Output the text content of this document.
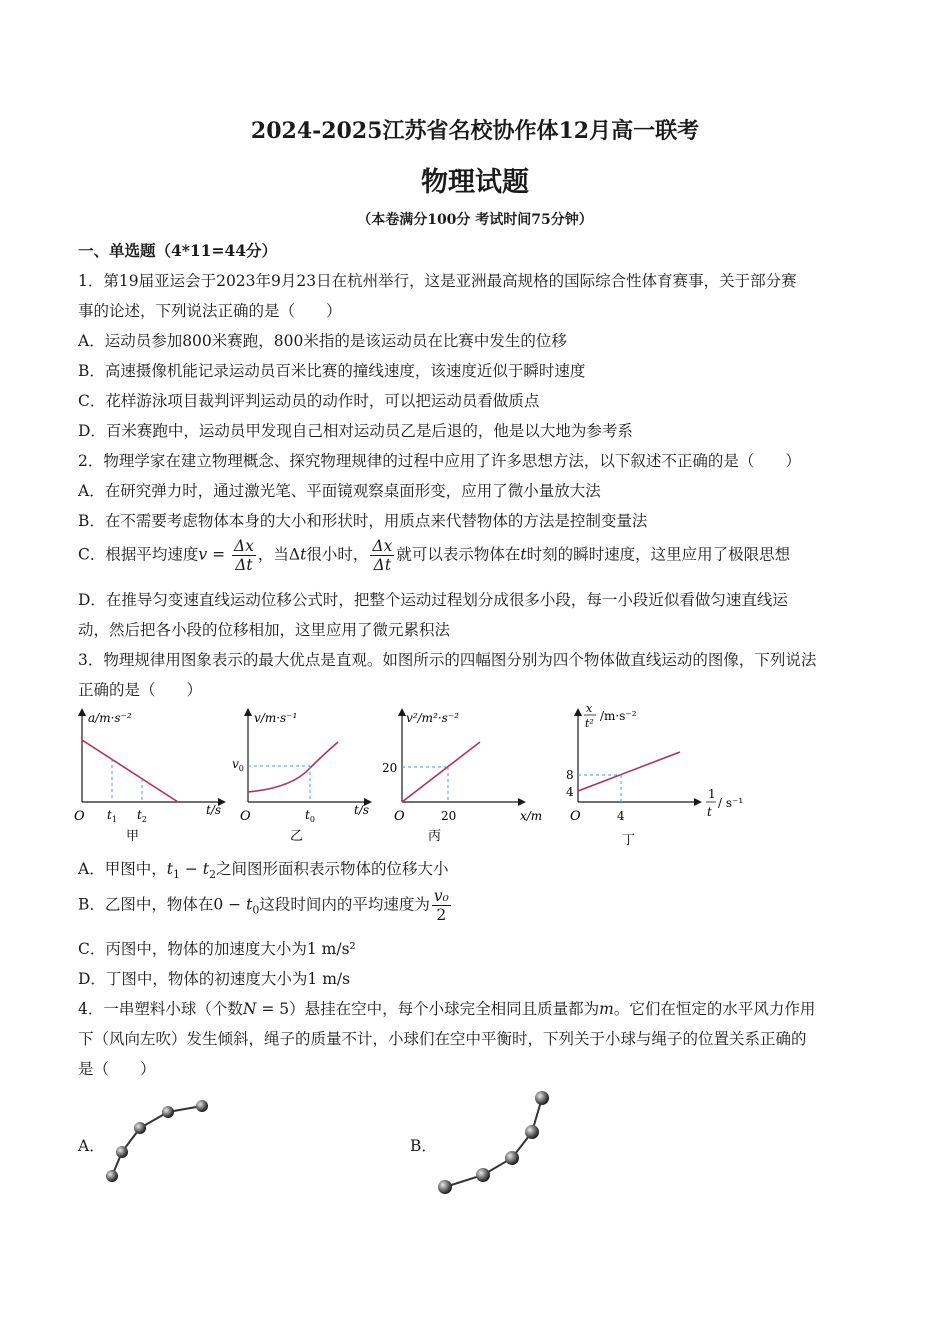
2024-2025江苏省名校协作体12月高一联考
物理试题
（本卷满分100分 考试时间75分钟）
一、单选题（4*11=44分）
1．第19届亚运会于2023年9月23日在杭州举行，这是亚洲最高规格的国际综合性体育赛事，关于部分赛
事的论述，下列说法正确的是（　　）
A．运动员参加800米赛跑，800米指的是该运动员在比赛中发生的位移
B．高速摄像机能记录运动员百米比赛的撞线速度，该速度近似于瞬时速度
C．花样游泳项目裁判评判运动员的动作时，可以把运动员看做质点
D．百米赛跑中，运动员甲发现自己相对运动员乙是后退的，他是以大地为参考系
2．物理学家在建立物理概念、探究物理规律的过程中应用了许多思想方法，以下叙述不正确的是（　　）
A．在研究弹力时，通过激光笔、平面镜观察桌面形变，应用了微小量放大法
B．在不需要考虑物体本身的大小和形状时，用质点来代替物体的方法是控制变量法
C．根据平均速度$v = \frac{\Delta x}{\Delta t}$ ，当Δt很小时， $\frac{\Delta x}{\Delta t}$ 就可以表示物体在t时刻的瞬时速度，这里应用了极限思想
D．在推导匀变速直线运动位移公式时，把整个运动过程划分成很多小段，每一小段近似看做匀速直线运
动，然后把各小段的位移相加，这里应用了微元累积法
3．物理规律用图象表示的最大优点是直观。如图所示的四幅图分别为四个物体做直线运动的图像，下列说法
正确的是（　　）
a/m·s⁻²
t/s
O $t_1$ $t_2$
甲
v/m·s⁻¹
t/s
O
$v_0$
$t_0$
乙
v²/m²·s⁻²
x/m
O
20
20
丙
x
t²
/m·s⁻²
1
t
/ s⁻¹
O
8
4
4
丁
A．甲图中，$t_1 - t_2$之间图形面积表示物体的位移大小
B．乙图中，物体在$0 - t_0$这段时间内的平均速度为 $\frac{\text{v₀}}{2}$
C．丙图中，物体的加速度大小为1 m/s²
D．丁图中，物体的初速度大小为1 m/s
4．一串塑料小球（个数N = 5）悬挂在空中，每个小球完全相同且质量都为m。它们在恒定的水平风力作用
下（风向左吹）发生倾斜，绳子的质量不计，小球们在空中平衡时，下列关于小球与绳子的位置关系正确的
是（　　）
A．	B．
